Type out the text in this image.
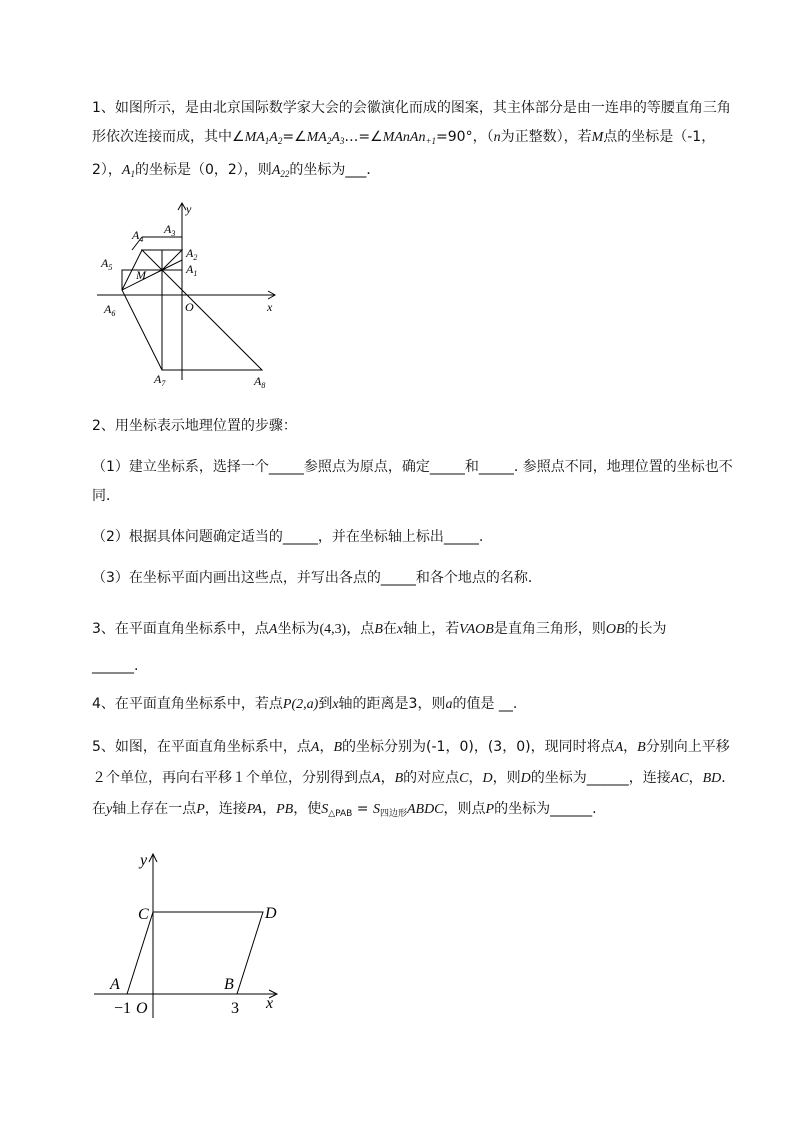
1、如图所示，是由北京国际数学家大会的会徽演化而成的图案，其主体部分是由一连串的等腰直角三角形依次连接而成，其中$\angle MA_1A_2=\angle MA_2A_3\dots=\angle MAnAn_{+1}=90^\circ$，（n为正整数），若M点的坐标是（-1，2），$A_1$的坐标是（0，2），则$A_{22}$的坐标为___．

y
x
O
M	$A_1$
$A_2$
$A_3$
$A_4$
$A_5$
$A_6$
$A_7$	$A_8$

2、用坐标表示地理位置的步骤：

（1）建立坐标系，选择一个_____参照点为原点，确定_____和_____. 参照点不同，地理位置的坐标也不同．

（2）根据具体问题确定适当的_____，并在坐标轴上标出_____.

（3）在坐标平面内画出这些点，并写出各点的_____和各个地点的名称．

3、在平面直角坐标系中，点A坐标为(4,3)，点B在x轴上，若VAOB是直角三角形，则OB的长为

______.

4、在平面直角坐标系中，若点P(2,a)到x轴的距离是3，则a的值是 __.

5、如图，在平面直角坐标系中，点A，B的坐标分别为(-1，0)，(3，0)，现同时将点A，B分别向上平移２个单位，再向右平移１个单位，分别得到点A，B的对应点C，D，则D的坐标为______，连接AC，BD．在y轴上存在一点P，连接PA，PB，使$S_{\triangle PAB}$ = $S_{四边形}ABDC$，则点P的坐标为______.

y
x
C	D
A	B
−1 O	3
